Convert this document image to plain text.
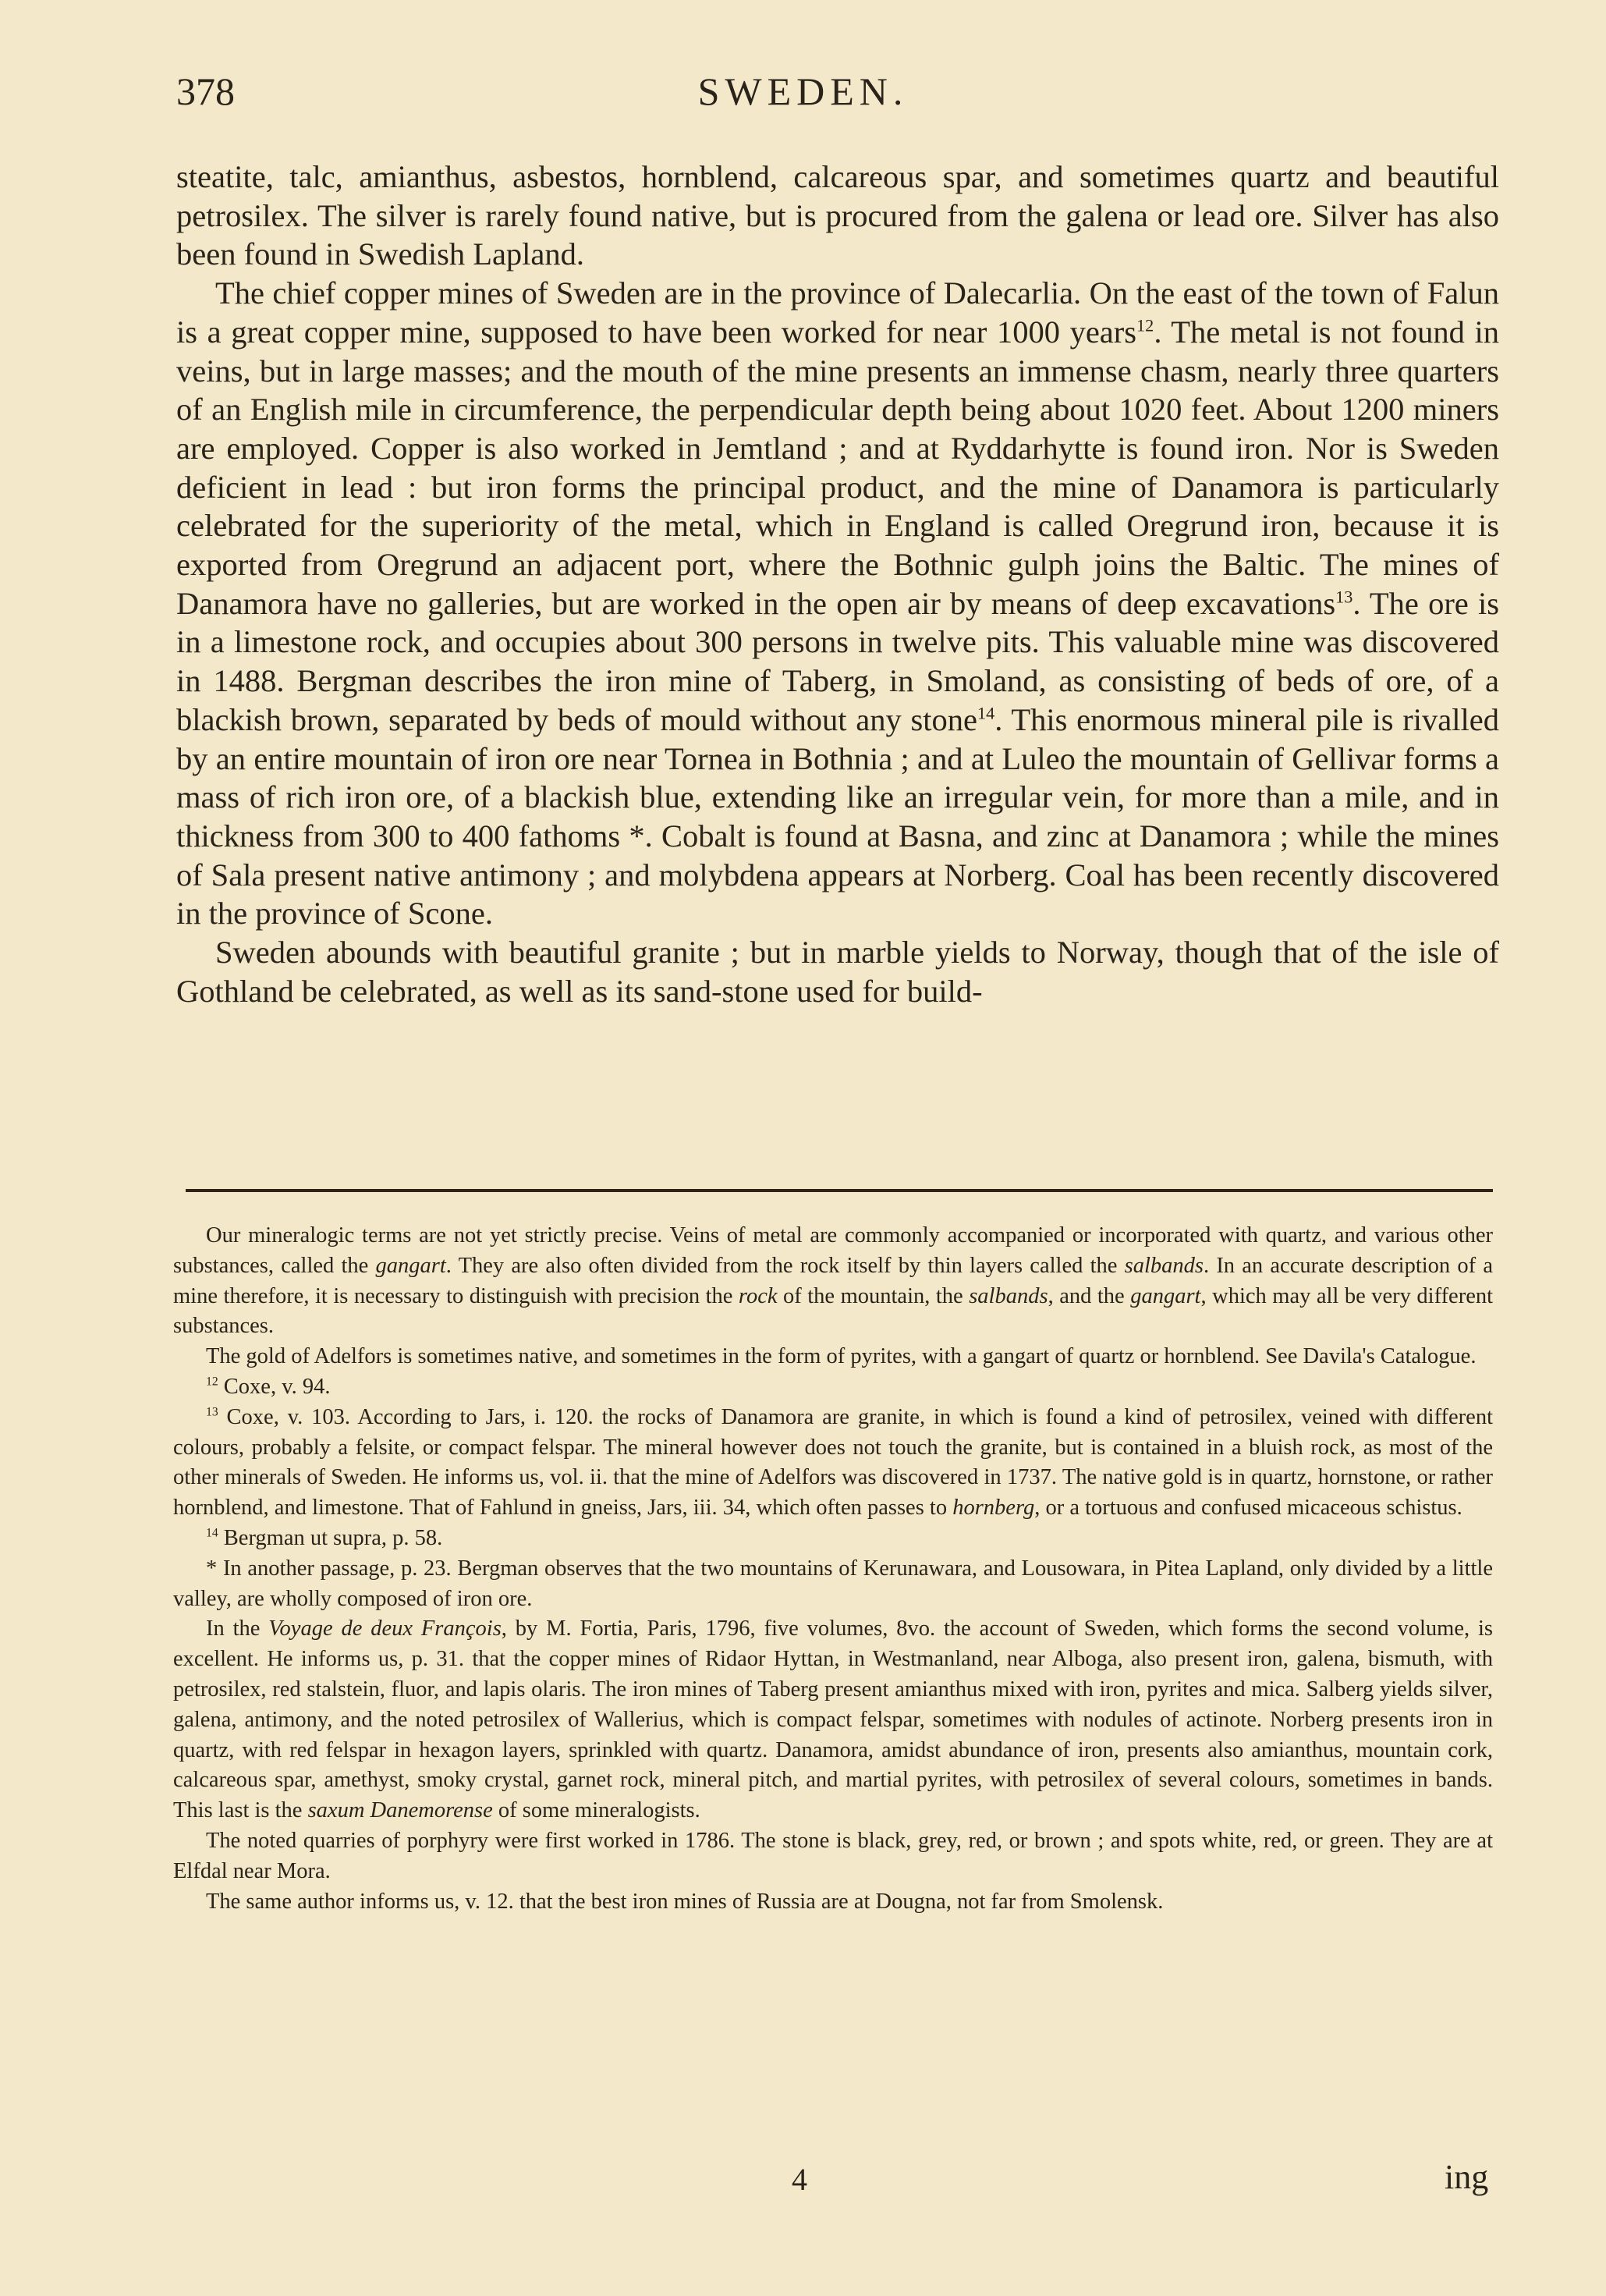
378	SWEDEN.

steatite, talc, amianthus, asbestos, hornblend, calcareous spar, and sometimes quartz and beautiful petrosilex. The silver is rarely found native, but is procured from the galena or lead ore. Silver has also been found in Swedish Lapland.

The chief copper mines of Sweden are in the province of Dalecarlia. On the east of the town of Falun is a great copper mine, supposed to have been worked for near 1000 years$^{12}$. The metal is not found in veins, but in large masses; and the mouth of the mine presents an immense chasm, nearly three quarters of an English mile in circumference, the perpendicular depth being about 1020 feet. About 1200 miners are employed. Copper is also worked in Jemtland ; and at Ryddarhytte is found iron. Nor is Sweden deficient in lead : but iron forms the principal product, and the mine of Danamora is particularly celebrated for the superiority of the metal, which in England is called Oregrund iron, because it is exported from Oregrund an adjacent port, where the Bothnic gulph joins the Baltic. The mines of Danamora have no galleries, but are worked in the open air by means of deep excavations$^{13}$. The ore is in a limestone rock, and occupies about 300 persons in twelve pits. This valuable mine was discovered in 1488. Bergman describes the iron mine of Taberg, in Smoland, as consisting of beds of ore, of a blackish brown, separated by beds of mould without any stone$^{14}$. This enormous mineral pile is rivalled by an entire mountain of iron ore near Tornea in Bothnia ; and at Luleo the mountain of Gellivar forms a mass of rich iron ore, of a blackish blue, extending like an irregular vein, for more than a mile, and in thickness from 300 to 400 fathoms *. Cobalt is found at Basna, and zinc at Danamora ; while the mines of Sala present native antimony ; and molybdena appears at Norberg. Coal has been recently discovered in the province of Scone.

Sweden abounds with beautiful granite ; but in marble yields to Norway, though that of the isle of Gothland be celebrated, as well as its sand-stone used for build-

Our mineralogic terms are not yet strictly precise. Veins of metal are commonly accompanied or incorporated with quartz, and various other substances, called the gangart. They are also often divided from the rock itself by thin layers called the salbands. In an accurate description of a mine therefore, it is necessary to distinguish with precision the rock of the mountain, the salbands, and the gangart, which may all be very different substances.

The gold of Adelfors is sometimes native, and sometimes in the form of pyrites, with a gangart of quartz or hornblend. See Davila's Catalogue.

$^{12}$ Coxe, v. 94.

$^{13}$ Coxe, v. 103. According to Jars, i. 120. the rocks of Danamora are granite, in which is found a kind of petrosilex, veined with different colours, probably a felsite, or compact felspar. The mineral however does not touch the granite, but is contained in a bluish rock, as most of the other minerals of Sweden. He informs us, vol. ii. that the mine of Adelfors was discovered in 1737. The native gold is in quartz, hornstone, or rather hornblend, and limestone. That of Fahlund in gneiss, Jars, iii. 34, which often passes to hornberg, or a tortuous and confused micaceous schistus.

$^{14}$ Bergman ut supra, p. 58.

* In another passage, p. 23. Bergman observes that the two mountains of Kerunawara, and Lousowara, in Pitea Lapland, only divided by a little valley, are wholly composed of iron ore.

In the Voyage de deux François, by M. Fortia, Paris, 1796, five volumes, 8vo. the account of Sweden, which forms the second volume, is excellent. He informs us, p. 31. that the copper mines of Ridaor Hyttan, in Westmanland, near Alboga, also present iron, galena, bismuth, with petrosilex, red stalstein, fluor, and lapis olaris. The iron mines of Taberg present amianthus mixed with iron, pyrites and mica. Salberg yields silver, galena, antimony, and the noted petrosilex of Wallerius, which is compact felspar, sometimes with nodules of actinote. Norberg presents iron in quartz, with red felspar in hexagon layers, sprinkled with quartz. Danamora, amidst abundance of iron, presents also amianthus, mountain cork, calcareous spar, amethyst, smoky crystal, garnet rock, mineral pitch, and martial pyrites, with petrosilex of several colours, sometimes in bands. This last is the saxum Danemorense of some mineralogists.

The noted quarries of porphyry were first worked in 1786. The stone is black, grey, red, or brown ; and spots white, red, or green. They are at Elfdal near Mora.

The same author informs us, v. 12. that the best iron mines of Russia are at Dougna, not far from Smolensk.

4	ing
